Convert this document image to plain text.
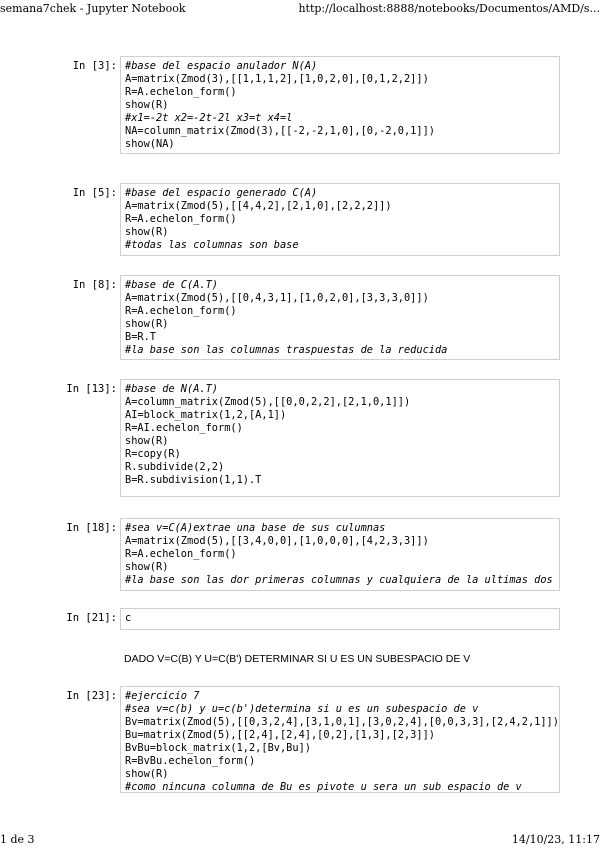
semana7chek - Jupyter Notebook	http://localhost:8888/notebooks/Documentos/AMD/s...
In [3]: #base del espacio anulador N(A)
A=matrix(Zmod(3),[[1,1,1,2],[1,0,2,0],[0,1,2,2]])
R=A.echelon_form()
show(R)
#x1=-2t x2=-2t-2l x3=t x4=l
NA=column_matrix(Zmod(3),[[-2,-2,1,0],[0,-2,0,1]])
show(NA)
In [5]: #base del espacio generado C(A)
A=matrix(Zmod(5),[[4,4,2],[2,1,0],[2,2,2]])
R=A.echelon_form()
show(R)
#todas las columnas son base
In [8]: #base de C(A.T)
A=matrix(Zmod(5),[[0,4,3,1],[1,0,2,0],[3,3,3,0]])
R=A.echelon_form()
show(R)
B=R.T
#la base son las columnas traspuestas de la reducida
In [13]: #base de N(A.T)
A=column_matrix(Zmod(5),[[0,0,2,2],[2,1,0,1]])
AI=block_matrix(1,2,[A,1])
R=AI.echelon_form()
show(R)
R=copy(R)
R.subdivide(2,2)
B=R.subdivision(1,1).T
In [18]: #sea v=C(A)extrae una base de sus culumnas
A=matrix(Zmod(5),[[3,4,0,0],[1,0,0,0],[4,2,3,3]])
R=A.echelon_form()
show(R)
#la base son las dor primeras columnas y cualquiera de la ultimas dos
In [21]: c
In [23]: #ejercicio 7
#sea v=c(b) y u=c(b')determina si u es un subespacio de v
Bv=matrix(Zmod(5),[[0,3,2,4],[3,1,0,1],[3,0,2,4],[0,0,3,3],[2,4,2,1]])
Bu=matrix(Zmod(5),[[2,4],[2,4],[0,2],[1,3],[2,3]])
BvBu=block_matrix(1,2,[Bv,Bu])
R=BvBu.echelon_form()
show(R)
#como nincuna columna de Bu es pivote u sera un sub espacio de v
DADO V=C(B) Y U=C(B') DETERMINAR SI U ES UN SUBESPACIO DE V
1 de 3	14/10/23, 11:17
